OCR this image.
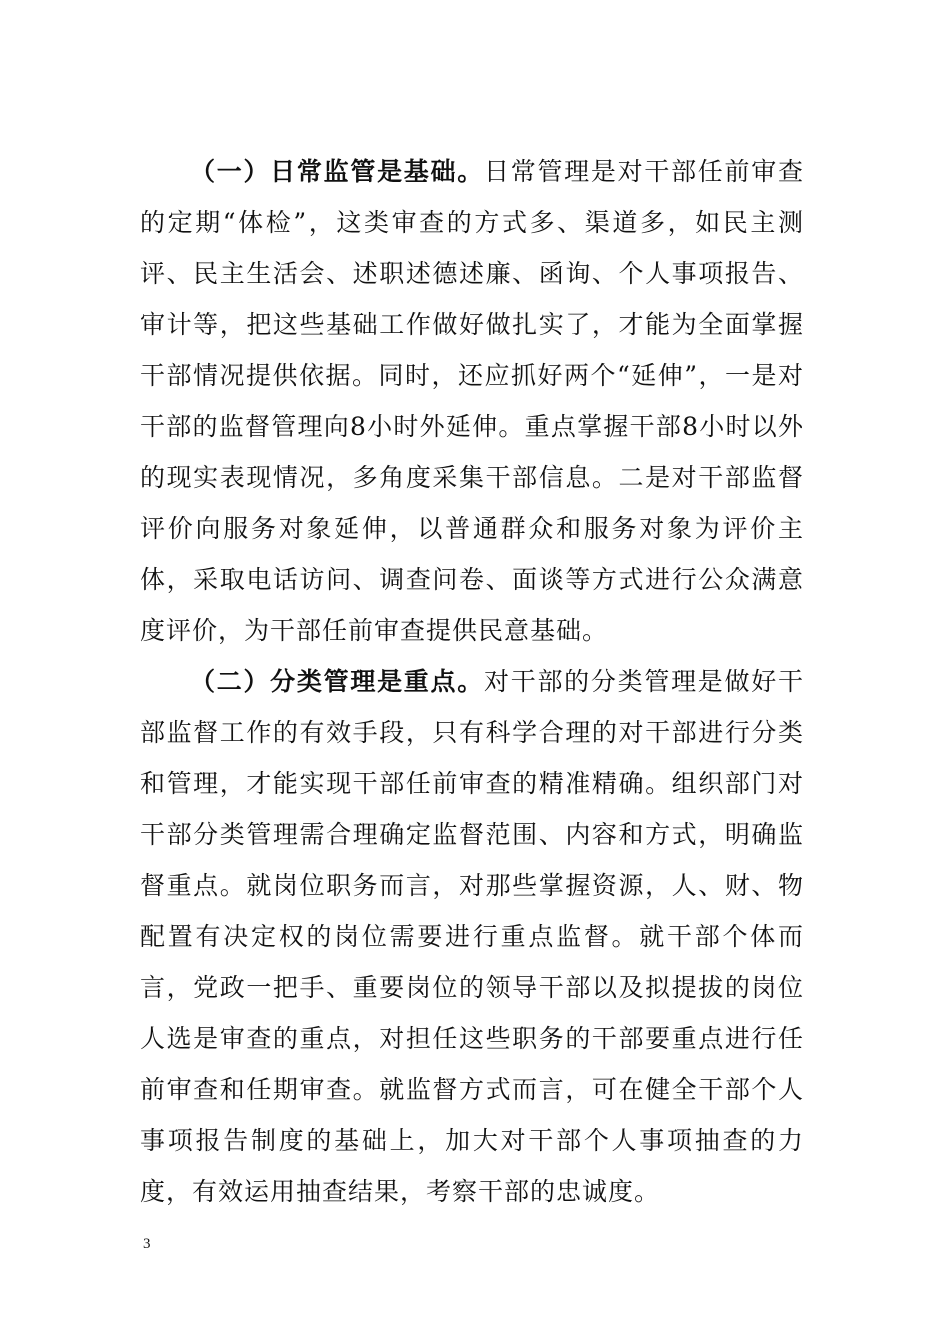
（一）日常监管是基础。日常管理是对干部任前审查的定期“体检”，这类审查的方式多、渠道多，如民主测评、民主生活会、述职述德述廉、函询、个人事项报告、审计等，把这些基础工作做好做扎实了，才能为全面掌握干部情况提供依据。同时，还应抓好两个“延伸”，一是对干部的监督管理向8小时外延伸。重点掌握干部8小时以外的现实表现情况，多角度采集干部信息。二是对干部监督评价向服务对象延伸，以普通群众和服务对象为评价主体，采取电话访问、调查问卷、面谈等方式进行公众满意度评价，为干部任前审查提供民意基础。

（二）分类管理是重点。对干部的分类管理是做好干部监督工作的有效手段，只有科学合理的对干部进行分类和管理，才能实现干部任前审查的精准精确。组织部门对干部分类管理需合理确定监督范围、内容和方式，明确监督重点。就岗位职务而言，对那些掌握资源，人、财、物配置有决定权的岗位需要进行重点监督。就干部个体而言，党政一把手、重要岗位的领导干部以及拟提拔的岗位人选是审查的重点，对担任这些职务的干部要重点进行任前审查和任期审查。就监督方式而言，可在健全干部个人事项报告制度的基础上，加大对干部个人事项抽查的力度，有效运用抽查结果，考察干部的忠诚度。

3
